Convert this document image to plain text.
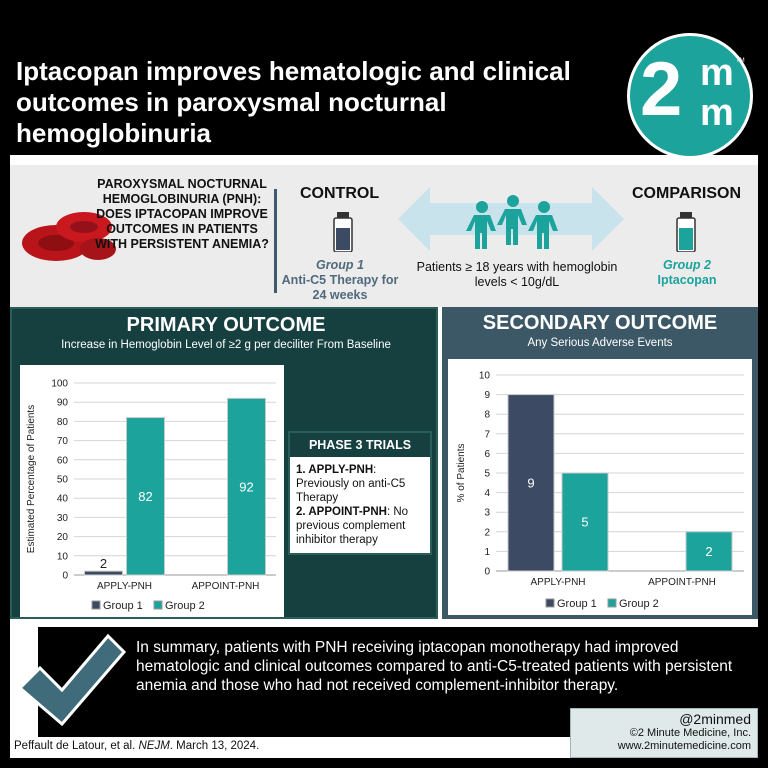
Iptacopan improves hematologic and clinical outcomes in paroxysmal nocturnal hemoglobinuria
2 m
m
TM
PAROXYSMAL NOCTURNAL HEMOGLOBINURIA (PNH):
DOES IPTACOPAN IMPROVE OUTCOMES IN PATIENTS WITH PERSISTENT ANEMIA?
CONTROL
Group 1
Anti-C5 Therapy for 24 weeks
Patients ≥ 18 years with hemoglobin levels < 10g/dL
COMPARISON
Group 2
Iptacopan
PRIMARY OUTCOME
Increase in Hemoglobin Level of ≥2 g per deciliter From Baseline
0
10
20
30
40
50
60
70
80
90
100
Estimated Percentage of Patients
2
82
APPLY-PNH
92
APPOINT-PNH
Group 1 Group 2
PHASE 3 TRIALS
1. APPLY-PNH: Previously on anti-C5 Therapy
2. APPOINT-PNH: No previous complement inhibitor therapy
SECONDARY OUTCOME
Any Serious Adverse Events
0
1
2
3
4
5
6
7
8
9
10
% of Patients	9
5
APPLY-PNH
2
APPOINT-PNH
Group 1 Group 2
In summary, patients with PNH receiving iptacopan monotherapy had improved hematologic and clinical outcomes compared to anti-C5-treated patients with persistent anemia and those who had not received complement-inhibitor therapy.
Peffault de Latour, et al. NEJM. March 13, 2024.
@2minmed
©2 Minute Medicine, Inc.
www.2minutemedicine.com
